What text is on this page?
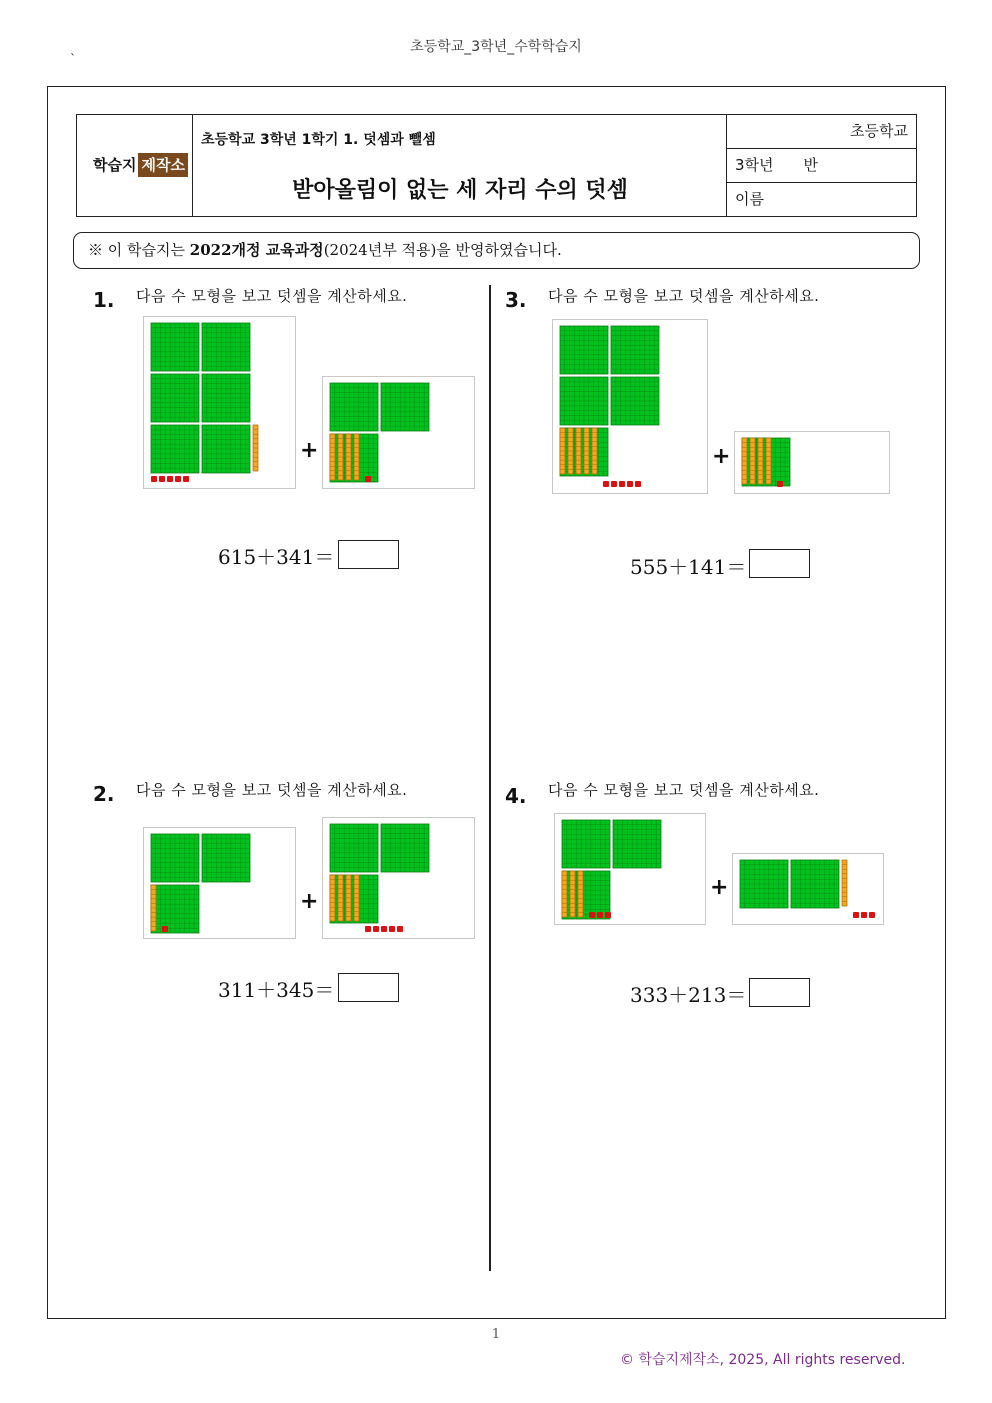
초등학교_3학년_수학학습지
`
학습지 제작소
초등학교 3학년 1학기 1. 덧셈과 뺄셈
받아올림이 없는 세 자리 수의 덧셈
초등학교
3학년　　반
이름
※ 이 학습지는 2022개정 교육과정(2024년부 적용)을 반영하였습니다.
1. 다음 수 모형을 보고 덧셈을 계산하세요.
+
615＋341＝
2. 다음 수 모형을 보고 덧셈을 계산하세요.
+
311＋345＝
3. 다음 수 모형을 보고 덧셈을 계산하세요.
+
555＋141＝
4. 다음 수 모형을 보고 덧셈을 계산하세요.
+
333＋213＝
1
© 학습지제작소, 2025, All rights reserved.
